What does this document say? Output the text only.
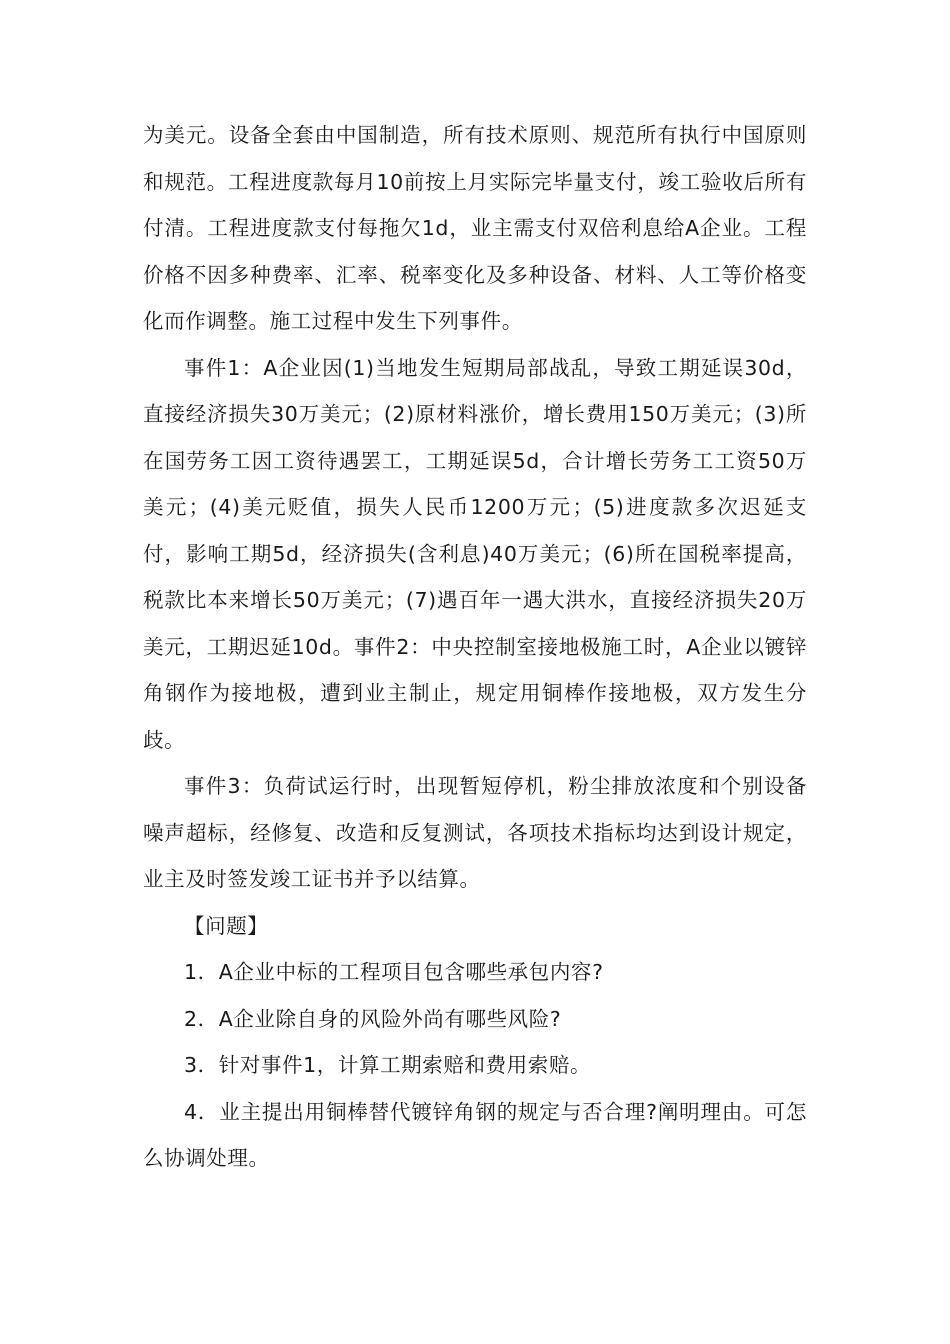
为美元。设备全套由中国制造，所有技术原则、规范所有执行中国原则和规范。工程进度款每月10前按上月实际完毕量支付，竣工验收后所有付清。工程进度款支付每拖欠1d，业主需支付双倍利息给A企业。工程价格不因多种费率、汇率、税率变化及多种设备、材料、人工等价格变化而作调整。施工过程中发生下列事件。

事件1：A企业因(1)当地发生短期局部战乱，导致工期延误30d，直接经济损失30万美元；(2)原材料涨价，增长费用150万美元；(3)所在国劳务工因工资待遇罢工，工期延误5d，合计增长劳务工工资50万美元；(4)美元贬值，损失人民币1200万元；(5)进度款多次迟延支付，影响工期5d，经济损失(含利息)40万美元；(6)所在国税率提高，税款比本来增长50万美元；(7)遇百年一遇大洪水，直接经济损失20万美元，工期迟延10d。事件2：中央控制室接地极施工时，A企业以镀锌角钢作为接地极，遭到业主制止，规定用铜棒作接地极，双方发生分歧。

事件3：负荷试运行时，出现暂短停机，粉尘排放浓度和个别设备噪声超标，经修复、改造和反复测试，各项技术指标均达到设计规定，业主及时签发竣工证书并予以结算。

【问题】

1．A企业中标的工程项目包含哪些承包内容?

2．A企业除自身的风险外尚有哪些风险?

3．针对事件1，计算工期索赔和费用索赔。

4．业主提出用铜棒替代镀锌角钢的规定与否合理?阐明理由。可怎么协调处理。
